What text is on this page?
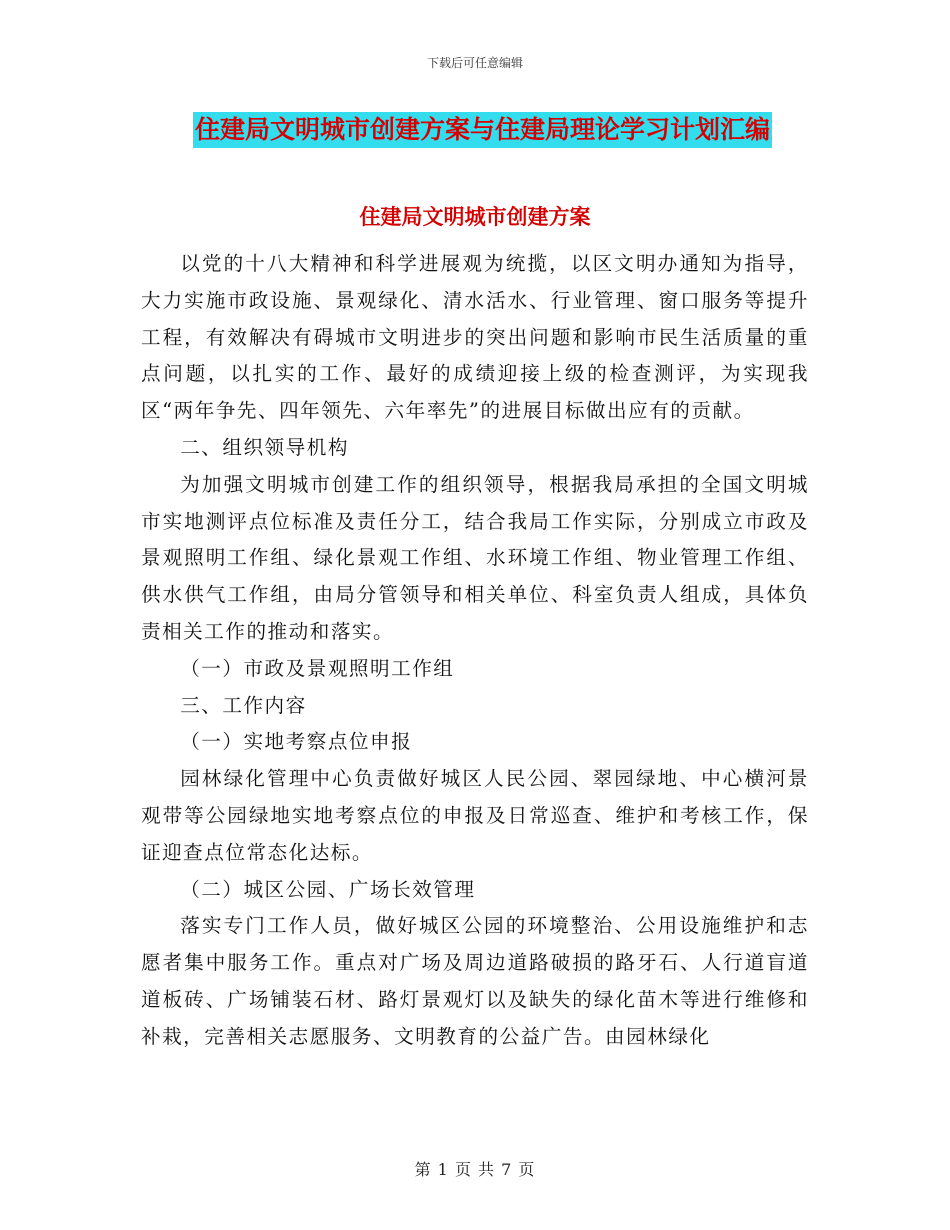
下载后可任意编辑
住建局文明城市创建方案与住建局理论学习计划汇编
住建局文明城市创建方案

以党的十八大精神和科学进展观为统揽，以区文明办通知为指导，大力实施市政设施、景观绿化、清水活水、行业管理、窗口服务等提升工程，有效解决有碍城市文明进步的突出问题和影响市民生活质量的重点问题，以扎实的工作、最好的成绩迎接上级的检查测评，为实现我区“两年争先、四年领先、六年率先”的进展目标做出应有的贡献。

二、组织领导机构

为加强文明城市创建工作的组织领导，根据我局承担的全国文明城市实地测评点位标准及责任分工，结合我局工作实际，分别成立市政及景观照明工作组、绿化景观工作组、水环境工作组、物业管理工作组、供水供气工作组，由局分管领导和相关单位、科室负责人组成，具体负责相关工作的推动和落实。

（一）市政及景观照明工作组

三、工作内容

（一）实地考察点位申报

园林绿化管理中心负责做好城区人民公园、翠园绿地、中心横河景观带等公园绿地实地考察点位的申报及日常巡查、维护和考核工作，保证迎查点位常态化达标。

（二）城区公园、广场长效管理

落实专门工作人员，做好城区公园的环境整治、公用设施维护和志愿者集中服务工作。重点对广场及周边道路破损的路牙石、人行道盲道道板砖、广场铺装石材、路灯景观灯以及缺失的绿化苗木等进行维修和补栽，完善相关志愿服务、文明教育的公益广告。由园林绿化

第 1 页 共 7 页
